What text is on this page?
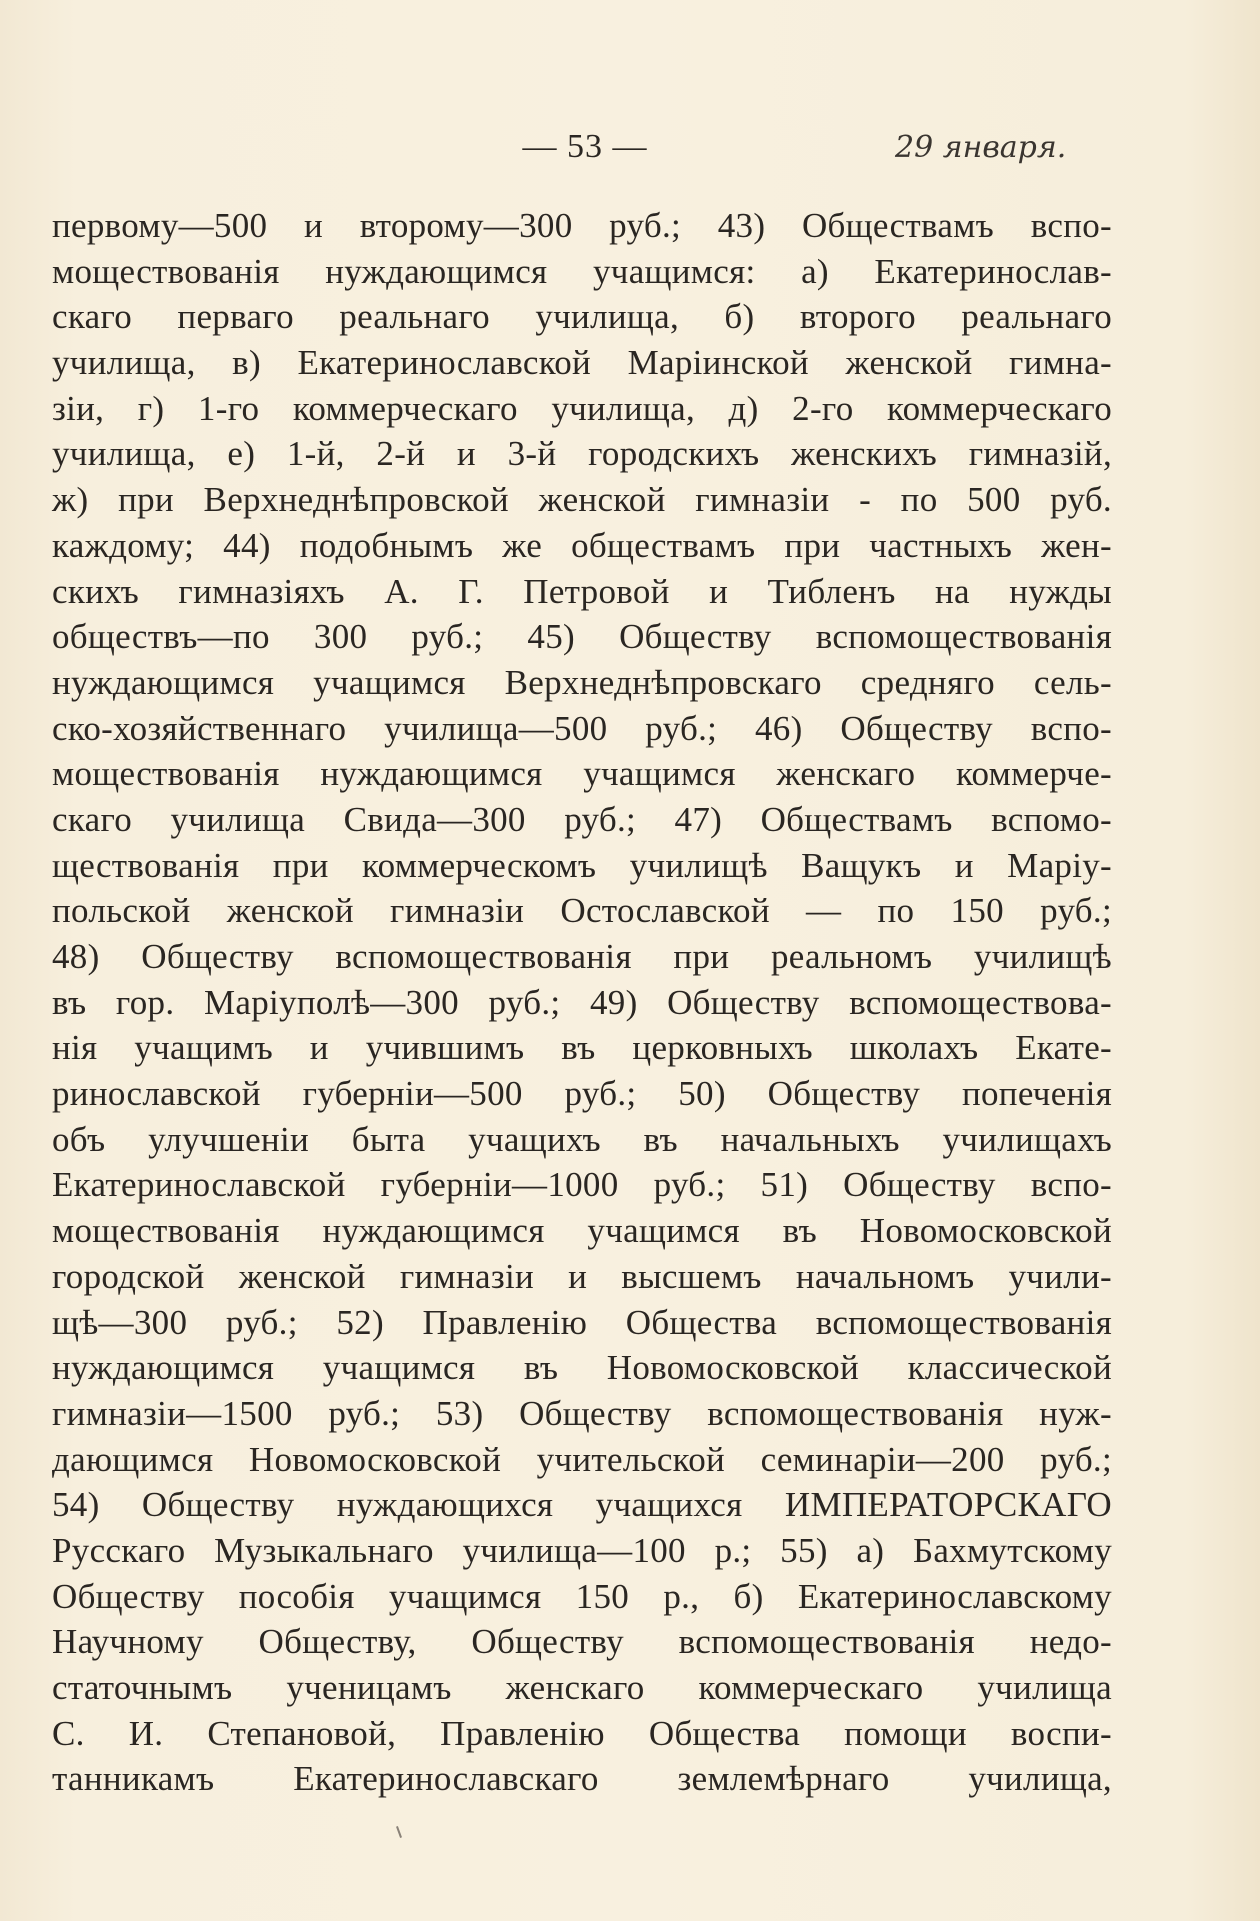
— 53 —	29 января.
первому—500 и второму—300 руб.; 43) Обществамъ вспо-
мoществованія нуждающимся учащимся: а) Екатеринослав-
скаго перваго реальнаго училища, б) второго реальнаго
училища, в) Екатеринославской Маріинской женской гимна-
зіи, г) 1-го коммерческаго училища, д) 2-го коммерческаго
училища, е) 1-й, 2-й и 3-й городскихъ женскихъ гимназій,
ж) при Верхнеднѣпровской женской гимназіи - по 500 руб.
каждому; 44) подобнымъ же обществамъ при частныхъ жен-
скихъ гимназіяхъ А. Г. Петровой и Тибленъ на нужды
обществъ—по 300 руб.; 45) Обществу вспомоществованія
нуждающимся учащимся Верхнеднѣпровскаго средняго сель-
ско-хозяйственнаго училища—500 руб.; 46) Обществу вспо-
мoществованія нуждающимся учащимся женскаго коммерче-
скаго училища Свида—300 руб.; 47) Обществамъ вспомо-
ществованія при коммерческомъ училищѣ Ващукъ и Маріу-
польской женской гимназіи Остославской — по 150 руб.;
48) Обществу вспомоществованія при реальномъ училищѣ
въ гор. Маріуполѣ—300 руб.; 49) Обществу вспомоществова-
нія учащимъ и учившимъ въ церковныхъ школахъ Екате-
ринославской губерніи—500 руб.; 50) Обществу попеченія
объ улучшеніи быта учащихъ въ начальныхъ училищахъ
Екатеринославской губерніи—1000 руб.; 51) Обществу вспо-
мoществованія нуждающимся учащимся въ Новомосковской
городской женской гимназіи и высшемъ начальномъ учили-
щѣ—300 руб.; 52) Правленію Общества вспомоществованія
нуждающимся учащимся въ Новомосковской классической
гимназіи—1500 руб.; 53) Обществу вспомоществованія нуж-
дающимся Новомосковской учительской семинаріи—200 руб.;
54) Обществу нуждающихся учащихся ИМПЕРАТОРСКАГО
Русскаго Музыкальнаго училища—100 р.; 55) а) Бахмутскому
Обществу пособія учащимся 150 р., б) Екатеринославскому
Научному Обществу, Обществу вспомоществованія недо-
статочнымъ ученицамъ женскаго коммерческаго училища
С. И. Степановой, Правленію Общества помощи воспи-
танникамъ Екатеринославскаго землемѣрнаго училища,
